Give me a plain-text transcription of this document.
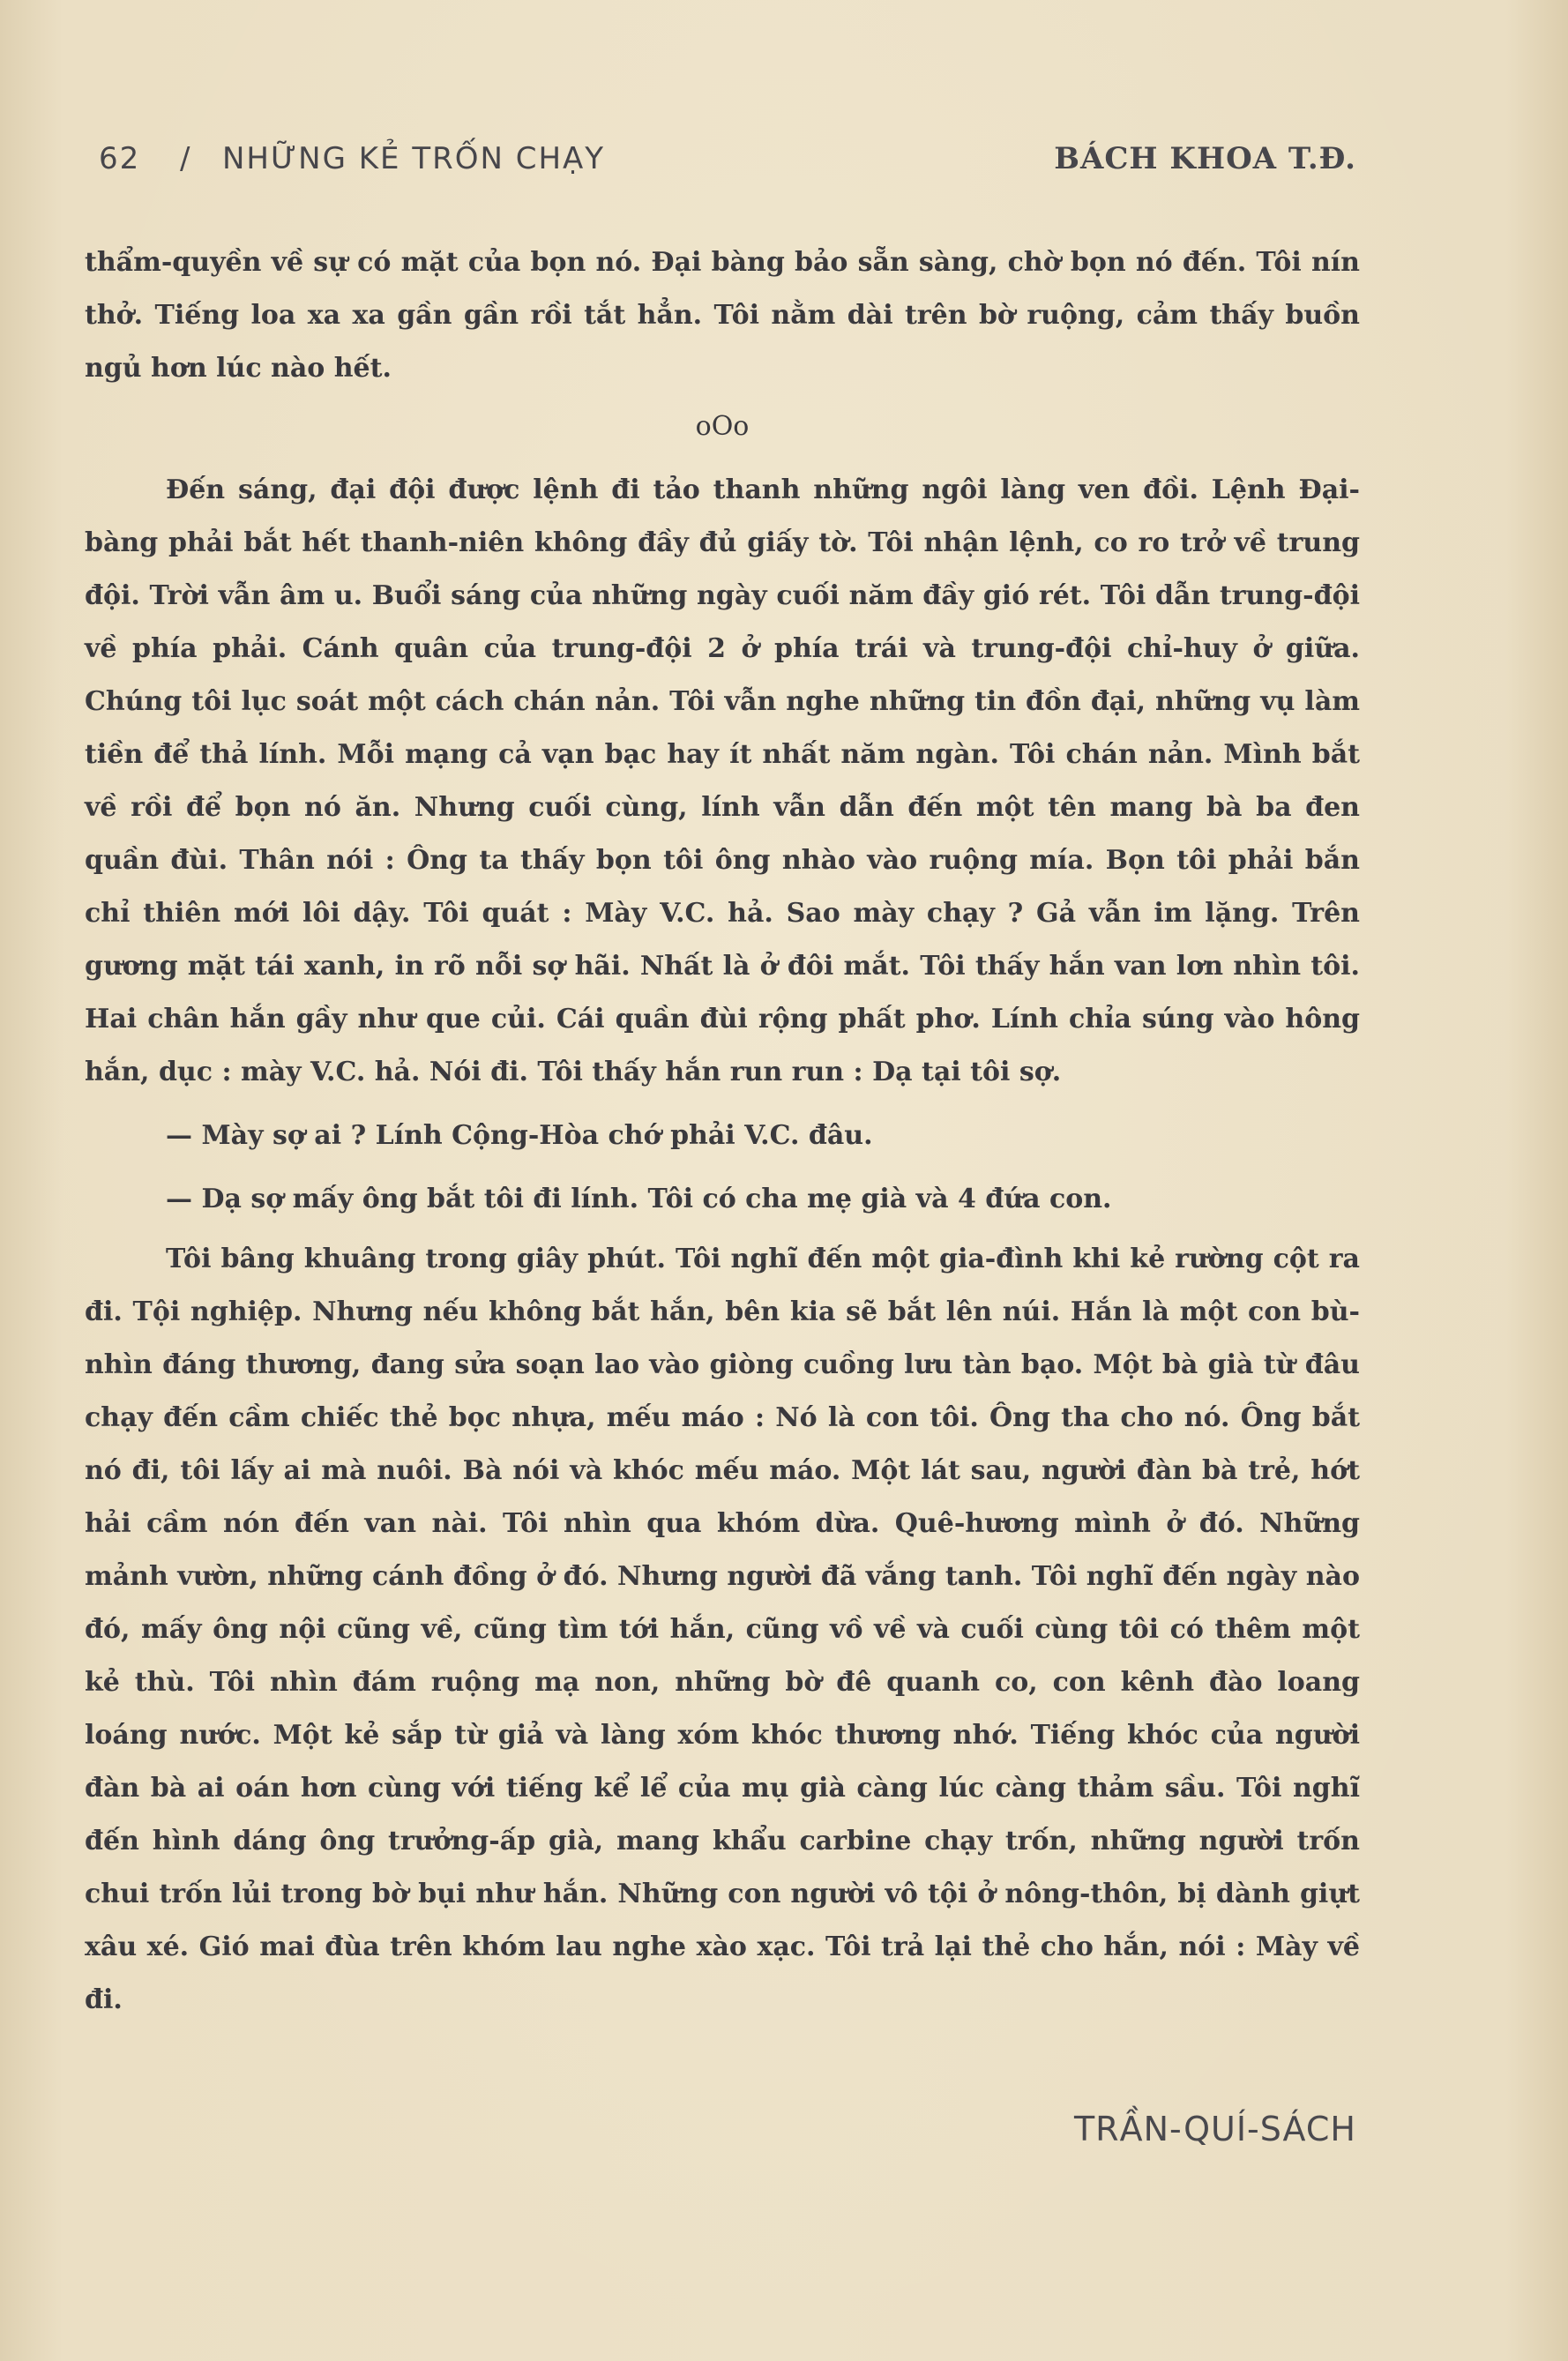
62 / NHỮNG KẺ TRỐN CHẠY	BÁCH KHOA T.Đ.

thẩm-quyền về sự có mặt của bọn nó. Đại bàng bảo sẵn sàng, chờ bọn nó đến. Tôi nín thở. Tiếng loa xa xa gần gần rồi tắt hẳn. Tôi nằm dài trên bờ ruộng, cảm thấy buồn ngủ hơn lúc nào hết.

oOo

Đến sáng, đại đội được lệnh đi tảo thanh những ngôi làng ven đồi. Lệnh Đại-bàng phải bắt hết thanh-niên không đầy đủ giấy tờ. Tôi nhận lệnh, co ro trở về trung đội. Trời vẫn âm u. Buổi sáng của những ngày cuối năm đầy gió rét. Tôi dẫn trung-đội về phía phải. Cánh quân của trung-đội 2 ở phía trái và trung-đội chỉ-huy ở giữa. Chúng tôi lục soát một cách chán nản. Tôi vẫn nghe những tin đồn đại, những vụ làm tiền để thả lính. Mỗi mạng cả vạn bạc hay ít nhất năm ngàn. Tôi chán nản. Mình bắt về rồi để bọn nó ăn. Nhưng cuối cùng, lính vẫn dẫn đến một tên mang bà ba đen quần đùi. Thân nói : Ông ta thấy bọn tôi ông nhào vào ruộng mía. Bọn tôi phải bắn chỉ thiên mới lôi dậy. Tôi quát : Mày V.C. hả. Sao mày chạy ? Gả vẫn im lặng. Trên gương mặt tái xanh, in rõ nỗi sợ hãi. Nhất là ở đôi mắt. Tôi thấy hắn van lơn nhìn tôi. Hai chân hắn gầy như que củi. Cái quần đùi rộng phất phơ. Lính chỉa súng vào hông hắn, dục : mày V.C. hả. Nói đi. Tôi thấy hắn run run : Dạ tại tôi sợ.

— Mày sợ ai ? Lính Cộng-Hòa chớ phải V.C. đâu.

— Dạ sợ mấy ông bắt tôi đi lính. Tôi có cha mẹ già và 4 đứa con.

Tôi bâng khuâng trong giây phút. Tôi nghĩ đến một gia-đình khi kẻ rường cột ra đi. Tội nghiệp. Nhưng nếu không bắt hắn, bên kia sẽ bắt lên núi. Hắn là một con bù-nhìn đáng thương, đang sửa soạn lao vào giòng cuồng lưu tàn bạo. Một bà già từ đâu chạy đến cầm chiếc thẻ bọc nhựa, mếu máo : Nó là con tôi. Ông tha cho nó. Ông bắt nó đi, tôi lấy ai mà nuôi. Bà nói và khóc mếu máo. Một lát sau, người đàn bà trẻ, hớt hải cầm nón đến van nài. Tôi nhìn qua khóm dừa. Quê-hương mình ở đó. Những mảnh vườn, những cánh đồng ở đó. Nhưng người đã vắng tanh. Tôi nghĩ đến ngày nào đó, mấy ông nội cũng về, cũng tìm tới hắn, cũng vồ về và cuối cùng tôi có thêm một kẻ thù. Tôi nhìn đám ruộng mạ non, những bờ đê quanh co, con kênh đào loang loáng nước. Một kẻ sắp từ giả và làng xóm khóc thương nhớ. Tiếng khóc của người đàn bà ai oán hơn cùng với tiếng kể lể của mụ già càng lúc càng thảm sầu. Tôi nghĩ đến hình dáng ông trưởng-ấp già, mang khẩu carbine chạy trốn, những người trốn chui trốn lủi trong bờ bụi như hắn. Những con người vô tội ở nông-thôn, bị dành giựt xâu xé. Gió mai đùa trên khóm lau nghe xào xạc. Tôi trả lại thẻ cho hắn, nói : Mày về đi.

TRẦN-QUÍ-SÁCH
